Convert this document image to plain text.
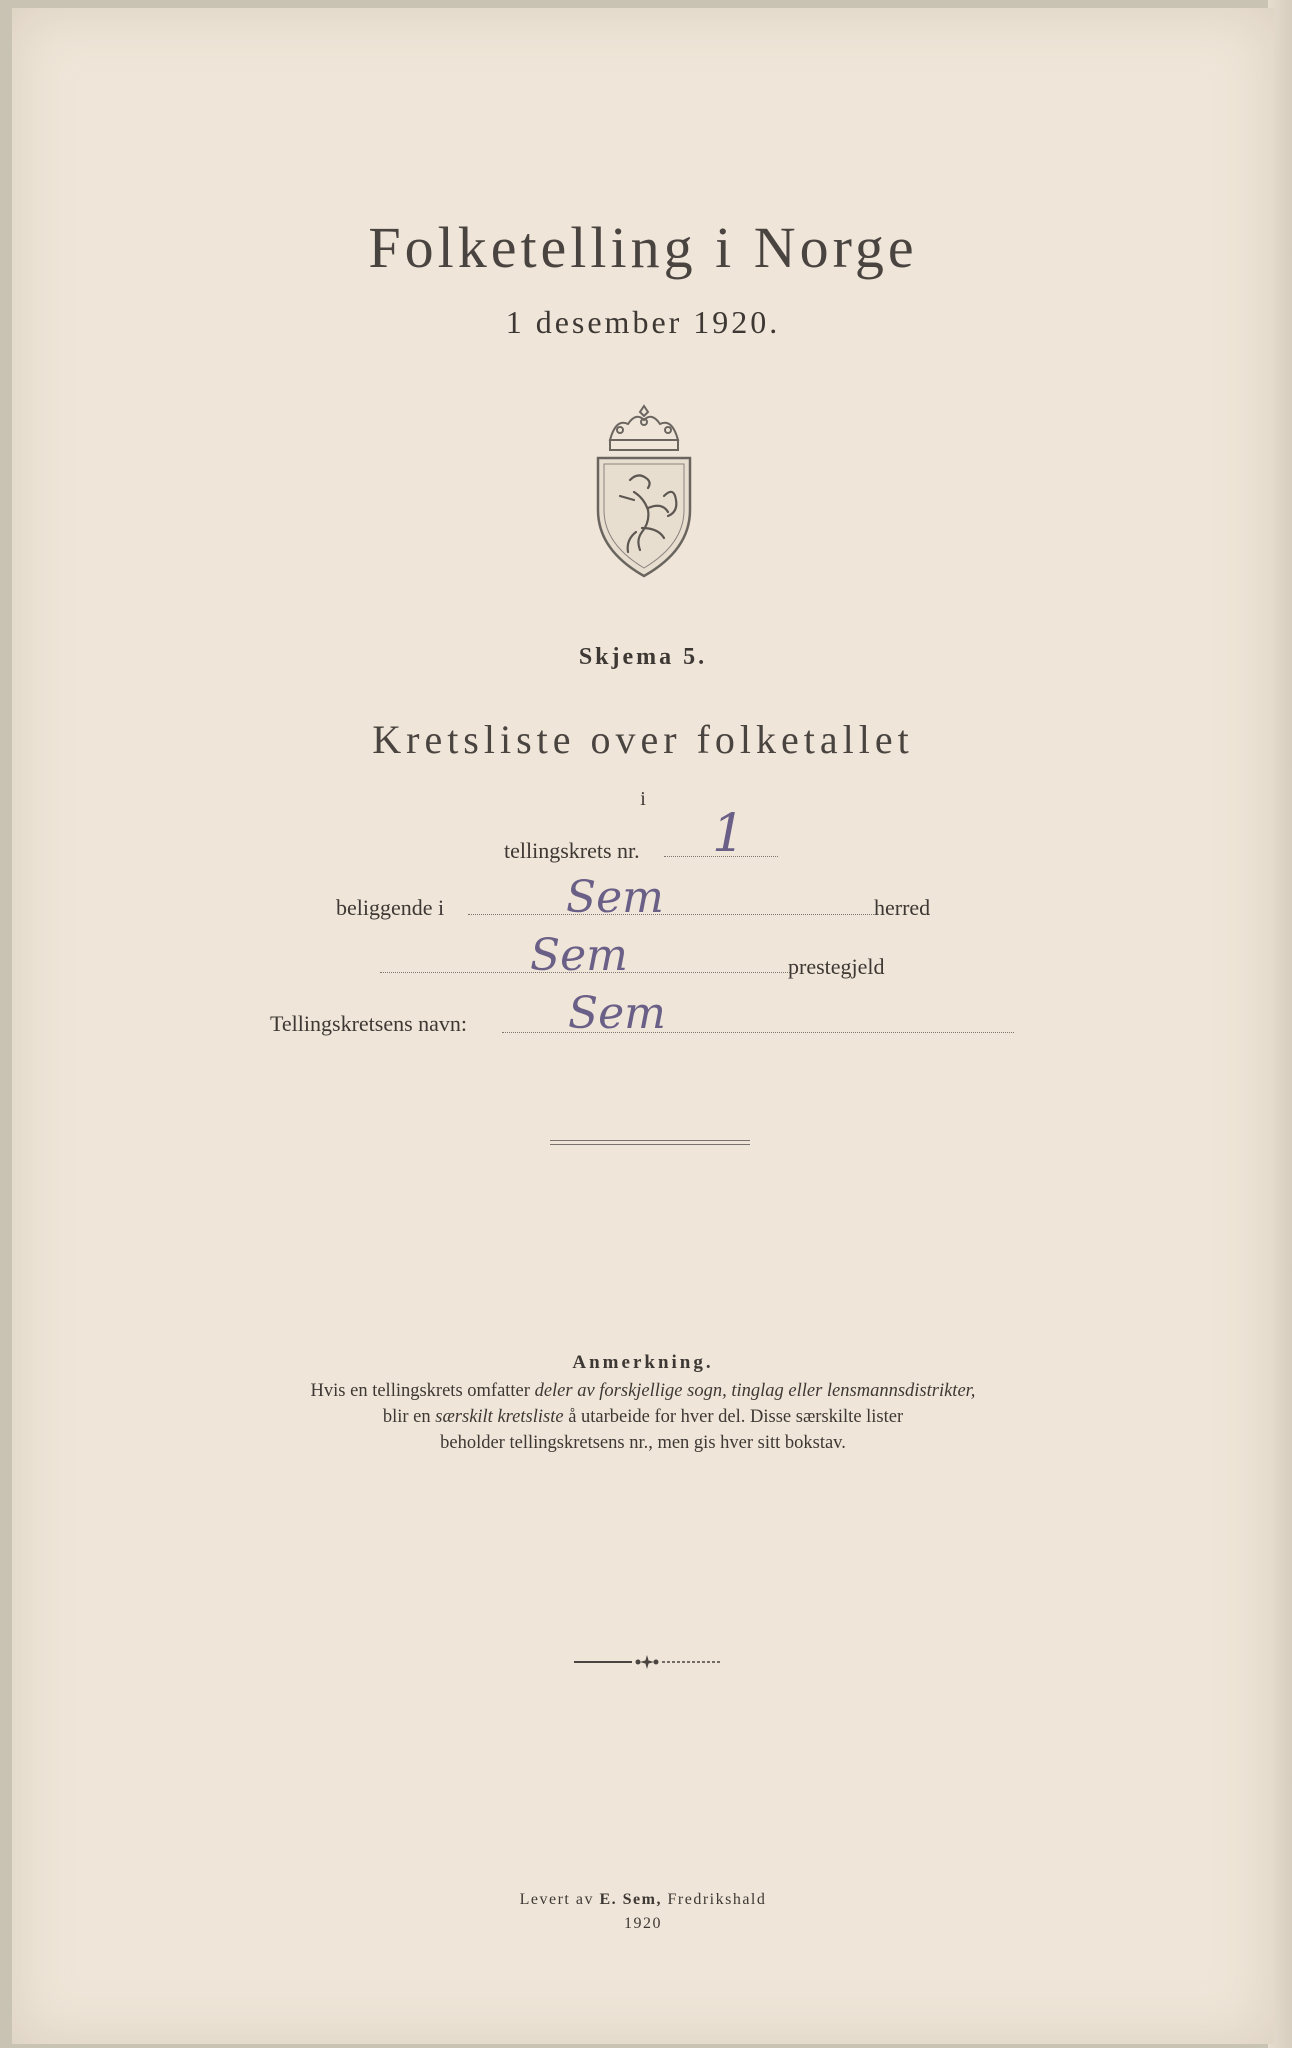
Folketelling i Norge
1 desember 1920.
Skjema 5.
Kretsliste over folketallet
i
tellingskrets nr. 1
beliggende i	Sem	herred
Sem	prestegjeld
Tellingskretsens navn: Sem
Anmerkning.
Hvis en tellingskrets omfatter deler av forskjellige sogn, tinglag eller lensmannsdistrikter,
blir en særskilt kretsliste å utarbeide for hver del. Disse særskilte lister
beholder tellingskretsens nr., men gis hver sitt bokstav.
Levert av E. Sem, Fredrikshald
1920
